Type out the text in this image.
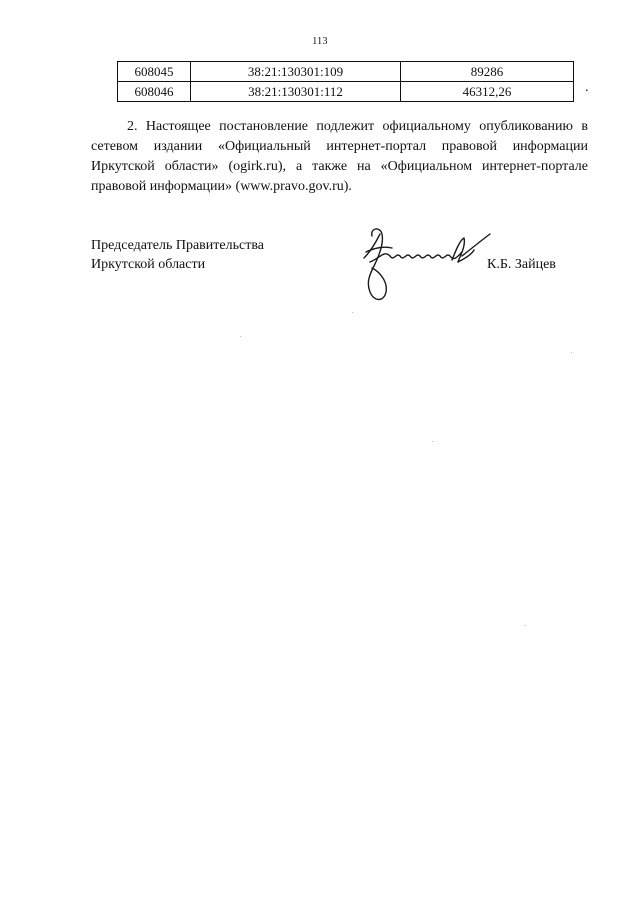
113
608045	38:21:130301:109	89286
608046	38:21:130301:112	46312,26	.

2. Настоящее постановление подлежит официальному опубликованию в сетевом издании «Официальный интернет-портал правовой информации Иркутской области» (ogirk.ru), а также на «Официальном интернет-портале правовой информации» (www.pravo.gov.ru).

Председатель Правительства
Иркутской области	К.Б. Зайцев
